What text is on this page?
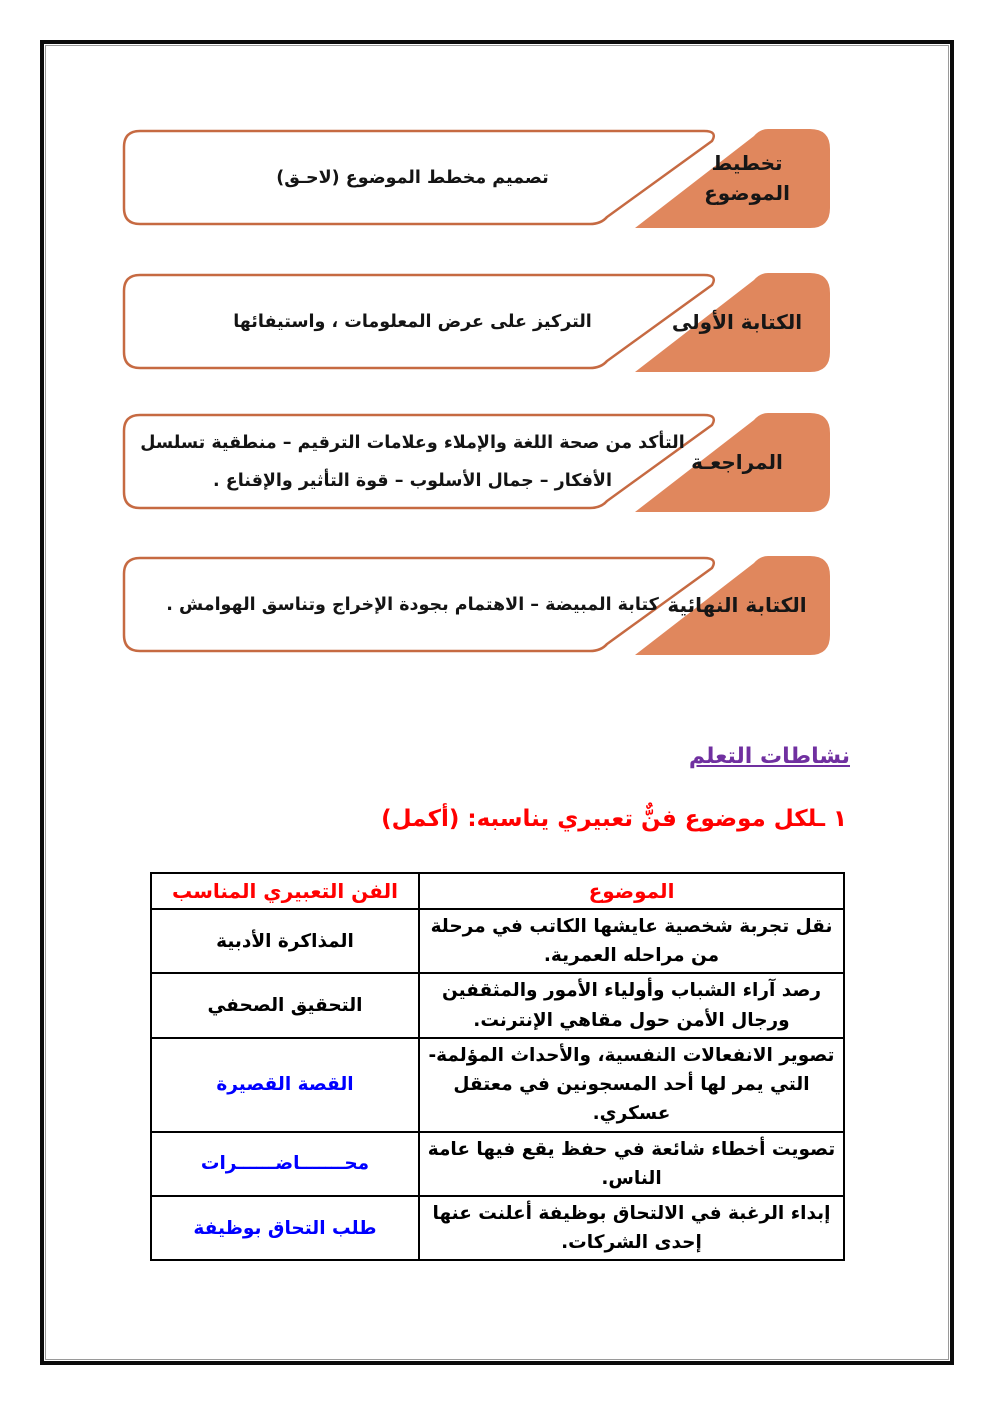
تصميم مخطط الموضوع (لاحـق)
تخطيط الموضوع
التركيز على عرض المعلومات ، واستيفائها	الكتابة الأولى
التأكد من صحة اللغة والإملاء وعلامات الترقيم – منطقية تسلسل الأفكار – جمال الأسلوب – قوة التأثير والإقناع .
المراجعـة
كتابة المبيضة – الاهتمام بجودة الإخراج وتناسق الهوامش . الكتابة النهائية
نشاطات التعلم
١ ـلكل موضوع فنٌّ تعبيري يناسبه: (أكمل)
الموضوع	الفن التعبيري المناسب
نقل تجربة شخصية عايشها الكاتب في مرحلة من مراحله العمرية.	المذاكرة الأدبية
رصد آراء الشباب وأولياء الأمور والمثقفين ورجال الأمن حول مقاهي الإنترنت.	التحقيق الصحفي
تصوير الانفعالات النفسية، والأحداث المؤلمة- التي يمر لها أحد المسجونين في معتقل عسكري.	القصة القصيرة
تصويت أخطاء شائعة في حفظ يقع فيها عامة الناس.	محـــــــاضــــــرات
إبداء الرغبة في الالتحاق بوظيفة أعلنت عنها إحدى الشركات.	طلب التحاق بوظيفة
